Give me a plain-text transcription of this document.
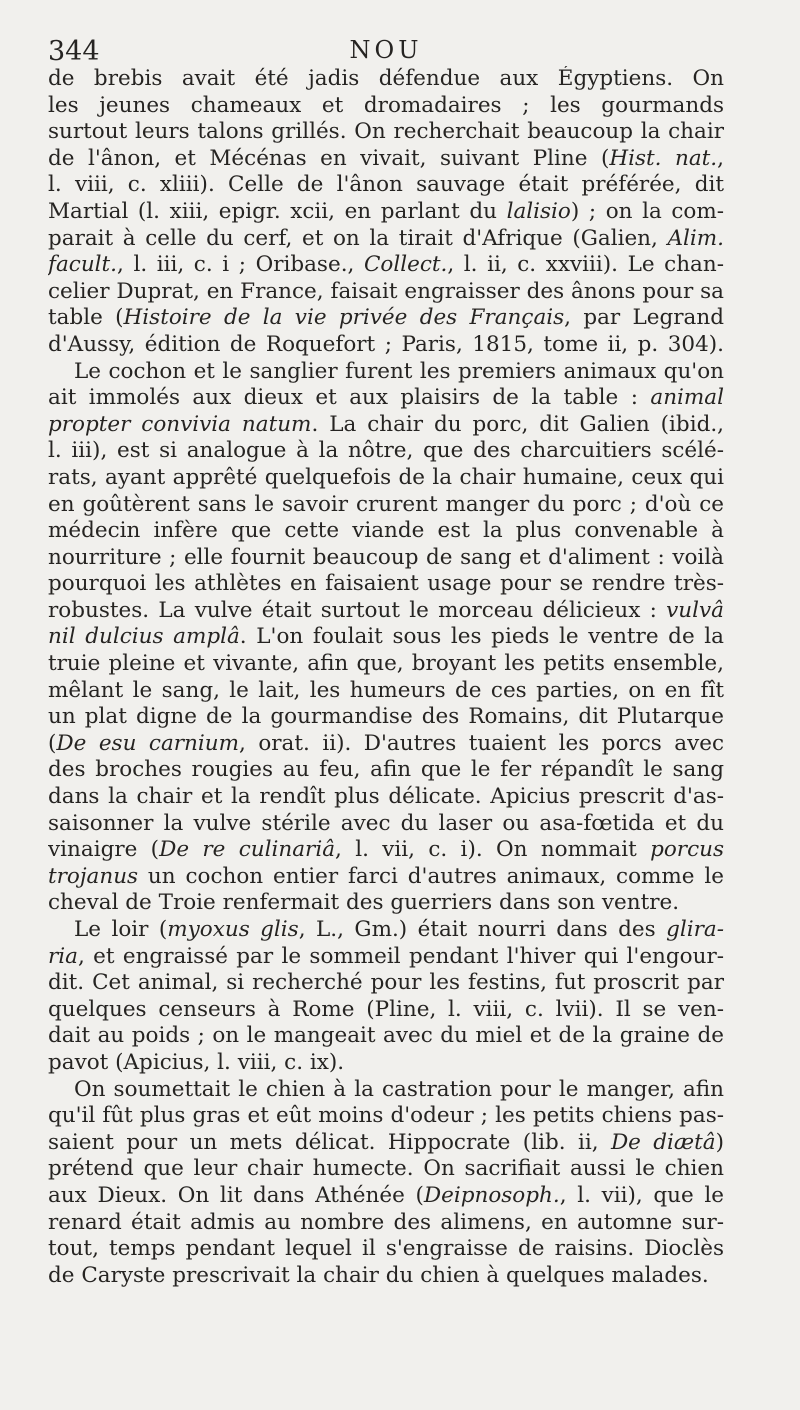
344	NOU
de brebis avait été jadis défendue aux Égyptiens. On
les jeunes chameaux et dromadaires ; les gourmands
surtout leurs talons grillés. On recherchait beaucoup la chair
de l'ânon, et Mécénas en vivait, suivant Pline (Hist. nat.,
l. viii, c. xliii). Celle de l'ânon sauvage était préférée, dit
Martial (l. xiii, epigr. xcii, en parlant du lalisio) ; on la com-
parait à celle du cerf, et on la tirait d'Afrique (Galien, Alim.
facult., l. iii, c. i ; Oribase., Collect., l. ii, c. xxviii). Le chan-
celier Duprat, en France, faisait engraisser des ânons pour sa
table (Histoire de la vie privée des Français, par Legrand
d'Aussy, édition de Roquefort ; Paris, 1815, tome ii, p. 304).
Le cochon et le sanglier furent les premiers animaux qu'on
ait immolés aux dieux et aux plaisirs de la table : animal
propter convivia natum. La chair du porc, dit Galien (ibid.,
l. iii), est si analogue à la nôtre, que des charcuitiers scélé-
rats, ayant apprêté quelquefois de la chair humaine, ceux qui
en goûtèrent sans le savoir crurent manger du porc ; d'où ce
médecin infère que cette viande est la plus convenable à
nourriture ; elle fournit beaucoup de sang et d'aliment : voilà
pourquoi les athlètes en faisaient usage pour se rendre très-
robustes. La vulve était surtout le morceau délicieux : vulvâ
nil dulcius amplâ. L'on foulait sous les pieds le ventre de la
truie pleine et vivante, afin que, broyant les petits ensemble,
mêlant le sang, le lait, les humeurs de ces parties, on en fît
un plat digne de la gourmandise des Romains, dit Plutarque
(De esu carnium, orat. ii). D'autres tuaient les porcs avec
des broches rougies au feu, afin que le fer répandît le sang
dans la chair et la rendît plus délicate. Apicius prescrit d'as-
saisonner la vulve stérile avec du laser ou asa-fœtida et du
vinaigre (De re culinariâ, l. vii, c. i). On nommait porcus
trojanus un cochon entier farci d'autres animaux, comme le
cheval de Troie renfermait des guerriers dans son ventre.
Le loir (myoxus glis, L., Gm.) était nourri dans des glira-
ria, et engraissé par le sommeil pendant l'hiver qui l'engour-
dit. Cet animal, si recherché pour les festins, fut proscrit par
quelques censeurs à Rome (Pline, l. viii, c. lvii). Il se ven-
dait au poids ; on le mangeait avec du miel et de la graine de
pavot (Apicius, l. viii, c. ix).
On soumettait le chien à la castration pour le manger, afin
qu'il fût plus gras et eût moins d'odeur ; les petits chiens pas-
saient pour un mets délicat. Hippocrate (lib. ii, De diætâ)
prétend que leur chair humecte. On sacrifiait aussi le chien
aux Dieux. On lit dans Athénée (Deipnosoph., l. vii), que le
renard était admis au nombre des alimens, en automne sur-
tout, temps pendant lequel il s'engraisse de raisins. Dioclès
de Caryste prescrivait la chair du chien à quelques malades.
